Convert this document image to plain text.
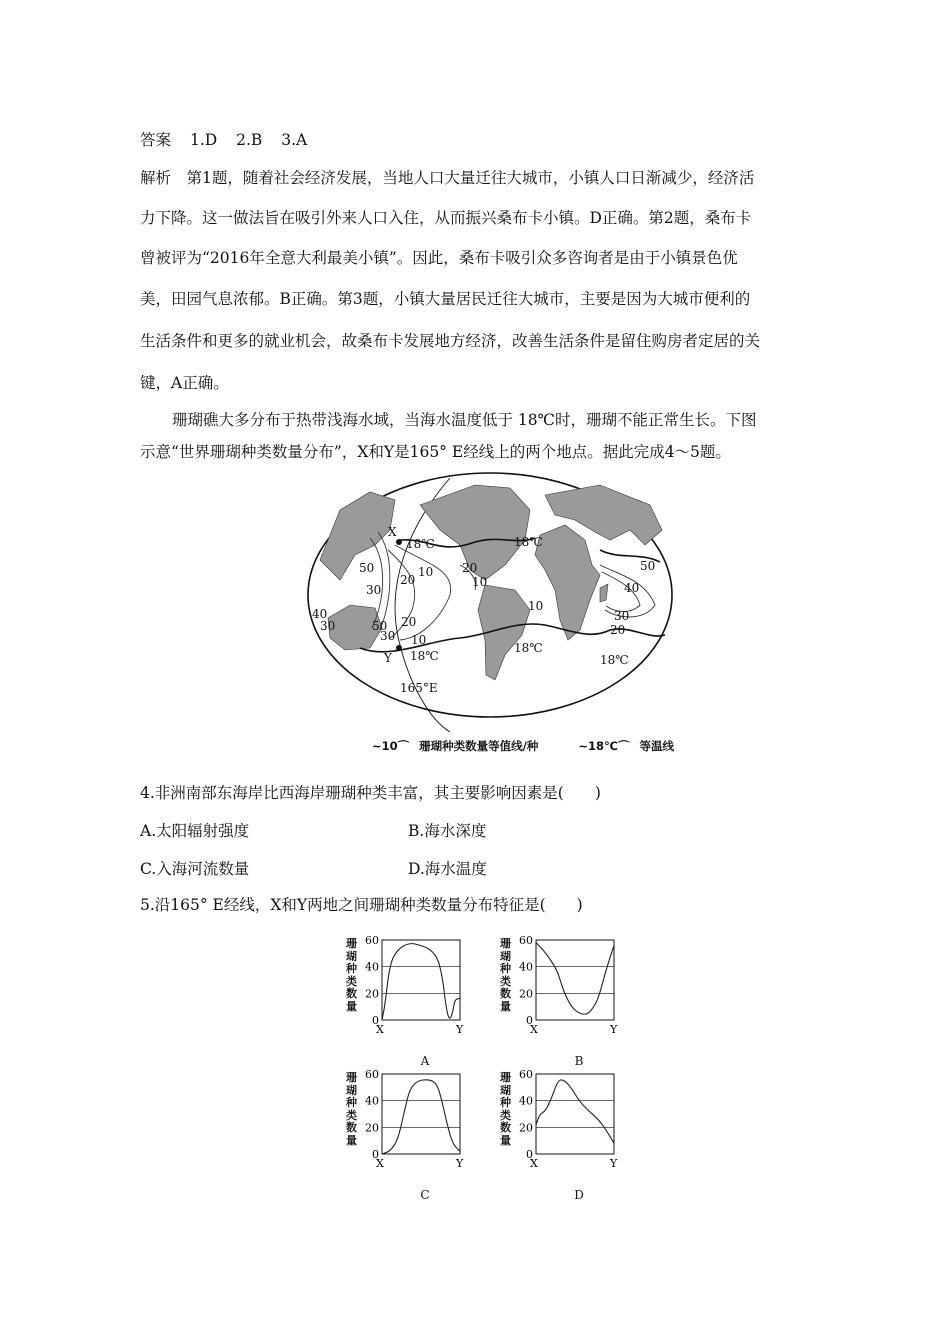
答案 1.D 2.B 3.A
解析　第1题，随着社会经济发展，当地人口大量迁往大城市，小镇人口日渐减少，经济活
力下降。这一做法旨在吸引外来人口入住，从而振兴桑布卡小镇。D正确。第2题，桑布卡
曾被评为“2016年全意大利最美小镇”。因此，桑布卡吸引众多咨询者是由于小镇景色优
美，田园气息浓郁。B正确。第3题，小镇大量居民迁往大城市，主要是因为大城市便利的
生活条件和更多的就业机会，故桑布卡发展地方经济，改善生活条件是留住购房者定居的关
键，A正确。
珊瑚礁大多分布于热带浅海水域，当海水温度低于 18℃时，珊瑚不能正常生长。下图
示意“世界珊瑚种类数量分布”，X和Y是165° E经线上的两个地点。据此完成4～5题。
X
Y
165°E
18℃	18℃
18℃
18℃
18℃
50
30
20
10
20
10
40
30	50
30
20
10
10
50
40
30
20
~10⌒ 珊瑚种类数量等值线/种	~18℃⌒ 等温线
4.非洲南部东海岸比西海岸珊瑚种类丰富，其主要影响因素是(　　)
A.太阳辐射强度	B.海水深度
C.入海河流数量	D.海水温度
5.沿165° E经线，X和Y两地之间珊瑚种类数量分布特征是(　　)
珊瑚种类数量
60
40
20
0
X	Y
A
珊瑚种类数量
60
40
20
0
X	Y
B
珊瑚种类数量
60
40
20
0
X	Y
C
珊瑚种类数量
60
40
20
0
X	Y
D
